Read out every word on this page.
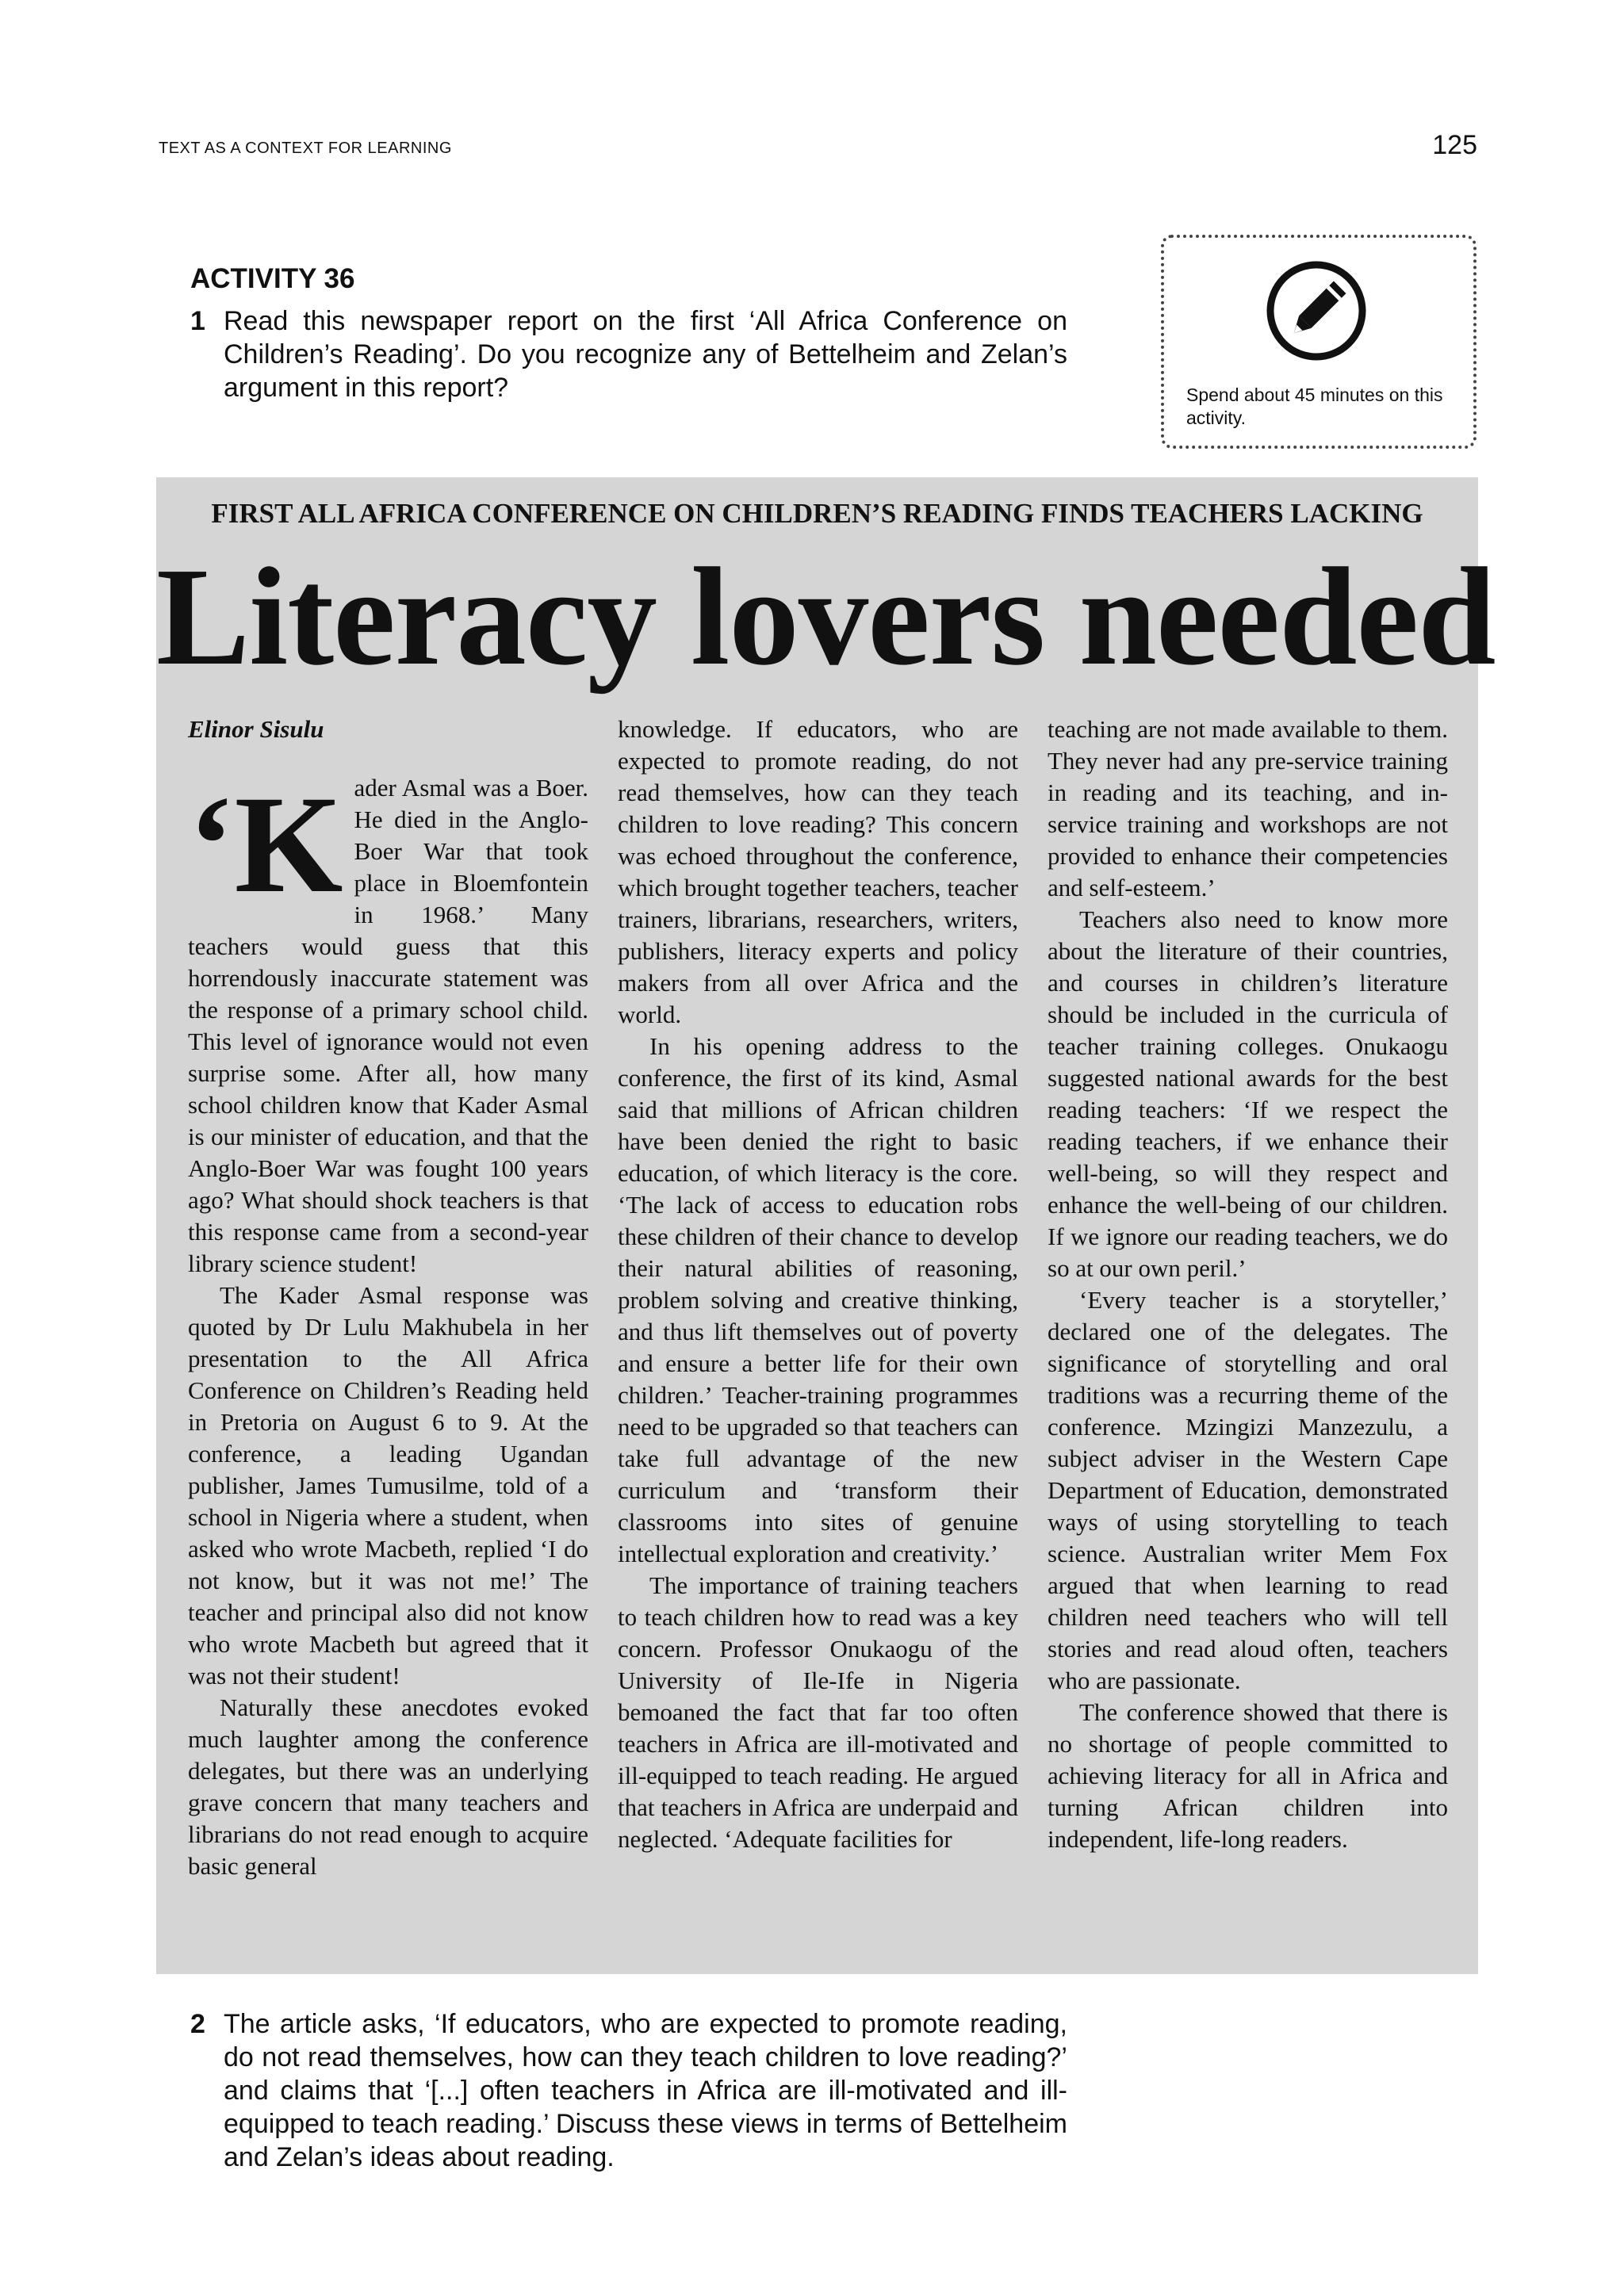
TEXT AS A CONTEXT FOR LEARNING	125
ACTIVITY 36
1 Read this newspaper report on the first ‘All Africa Conference on Children’s Reading’. Do you recognize any of Bettelheim and Zelan’s argument in this report?	Spend about 45 minutes on this activity.
FIRST ALL AFRICA CONFERENCE ON CHILDREN’S READING FINDS TEACHERS LACKING
Literacy lovers needed
Elinor Sisulu
‘K ader Asmal was a Boer. He died in the Anglo-Boer War that took place in Bloemfontein in 1968.’ Many teachers would guess that this horrendously inaccurate statement was the response of a primary school child. This level of ignorance would not even surprise some. After all, how many school children know that Kader Asmal is our minister of education, and that the Anglo-Boer War was fought 100 years ago? What should shock teachers is that this response came from a second-year library science student!

The Kader Asmal response was quoted by Dr Lulu Makhubela in her presentation to the All Africa Conference on Children’s Reading held in Pretoria on August 6 to 9. At the conference, a leading Ugandan publisher, James Tumusilme, told of a school in Nigeria where a student, when asked who wrote Macbeth, replied ‘I do not know, but it was not me!’ The teacher and principal also did not know who wrote Macbeth but agreed that it was not their student!

Naturally these anecdotes evoked much laughter among the conference delegates, but there was an underlying grave concern that many teachers and librarians do not read enough to acquire basic general

knowledge. If educators, who are expected to promote reading, do not read themselves, how can they teach children to love reading? This concern was echoed throughout the conference, which brought together teachers, teacher trainers, librarians, researchers, writers, publishers, literacy experts and policy makers from all over Africa and the world.

In his opening address to the conference, the first of its kind, Asmal said that millions of African children have been denied the right to basic education, of which literacy is the core. ‘The lack of access to education robs these children of their chance to develop their natural abilities of reasoning, problem solving and creative thinking, and thus lift themselves out of poverty and ensure a better life for their own children.’ Teacher-training programmes need to be upgraded so that teachers can take full advantage of the new curriculum and ‘transform their classrooms into sites of genuine intellectual exploration and creativity.’

The importance of training teachers to teach children how to read was a key concern. Professor Onukaogu of the University of Ile-Ife in Nigeria bemoaned the fact that far too often teachers in Africa are ill-motivated and ill-equipped to teach reading. He argued that teachers in Africa are underpaid and neglected. ‘Adequate facilities for

teaching are not made available to them. They never had any pre-service training in reading and its teaching, and in-service training and workshops are not provided to enhance their competencies and self-esteem.’

Teachers also need to know more about the literature of their countries, and courses in children’s literature should be included in the curricula of teacher training colleges. Onukaogu suggested national awards for the best reading teachers: ‘If we respect the reading teachers, if we enhance their well-being, so will they respect and enhance the well-being of our children. If we ignore our reading teachers, we do so at our own peril.’

‘Every teacher is a storyteller,’ declared one of the delegates. The significance of storytelling and oral traditions was a recurring theme of the conference. Mzingizi Manzezulu, a subject adviser in the Western Cape Department of Education, demonstrated ways of using storytelling to teach science. Australian writer Mem Fox argued that when learning to read children need teachers who will tell stories and read aloud often, teachers who are passionate.

The conference showed that there is no shortage of people committed to achieving literacy for all in Africa and turning African children into independent, life-long readers.

2 The article asks, ‘If educators, who are expected to promote reading, do not read themselves, how can they teach children to love reading?’ and claims that ‘[...] often teachers in Africa are ill-motivated and ill-equipped to teach reading.’ Discuss these views in terms of Bettelheim and Zelan’s ideas about reading.
